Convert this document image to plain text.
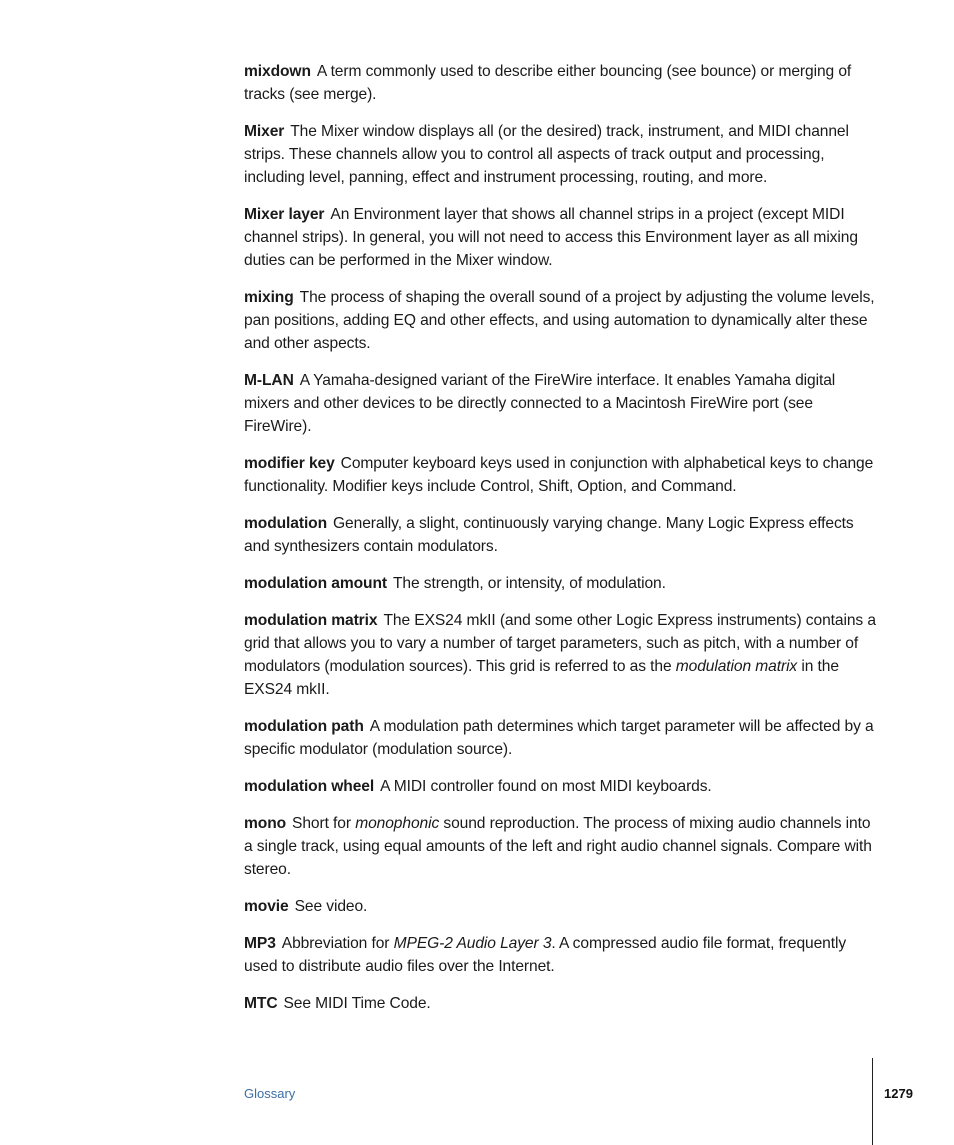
mixdown A term commonly used to describe either bouncing (see bounce) or merging of tracks (see merge).

Mixer The Mixer window displays all (or the desired) track, instrument, and MIDI channel strips. These channels allow you to control all aspects of track output and processing, including level, panning, effect and instrument processing, routing, and more.

Mixer layer An Environment layer that shows all channel strips in a project (except MIDI channel strips). In general, you will not need to access this Environment layer as all mixing duties can be performed in the Mixer window.

mixing The process of shaping the overall sound of a project by adjusting the volume levels, pan positions, adding EQ and other effects, and using automation to dynamically alter these and other aspects.

M-LAN A Yamaha-designed variant of the FireWire interface. It enables Yamaha digital mixers and other devices to be directly connected to a Macintosh FireWire port (see FireWire).

modifier key Computer keyboard keys used in conjunction with alphabetical keys to change functionality. Modifier keys include Control, Shift, Option, and Command.

modulation Generally, a slight, continuously varying change. Many Logic Express effects and synthesizers contain modulators.

modulation amount The strength, or intensity, of modulation.

modulation matrix The EXS24 mkII (and some other Logic Express instruments) contains a grid that allows you to vary a number of target parameters, such as pitch, with a number of modulators (modulation sources). This grid is referred to as the modulation matrix in the EXS24 mkII.

modulation path A modulation path determines which target parameter will be affected by a specific modulator (modulation source).

modulation wheel A MIDI controller found on most MIDI keyboards.

mono Short for monophonic sound reproduction. The process of mixing audio channels into a single track, using equal amounts of the left and right audio channel signals. Compare with stereo.

movie See video.

MP3 Abbreviation for MPEG-2 Audio Layer 3. A compressed audio file format, frequently used to distribute audio files over the Internet.

MTC See MIDI Time Code.

Glossary	1279
